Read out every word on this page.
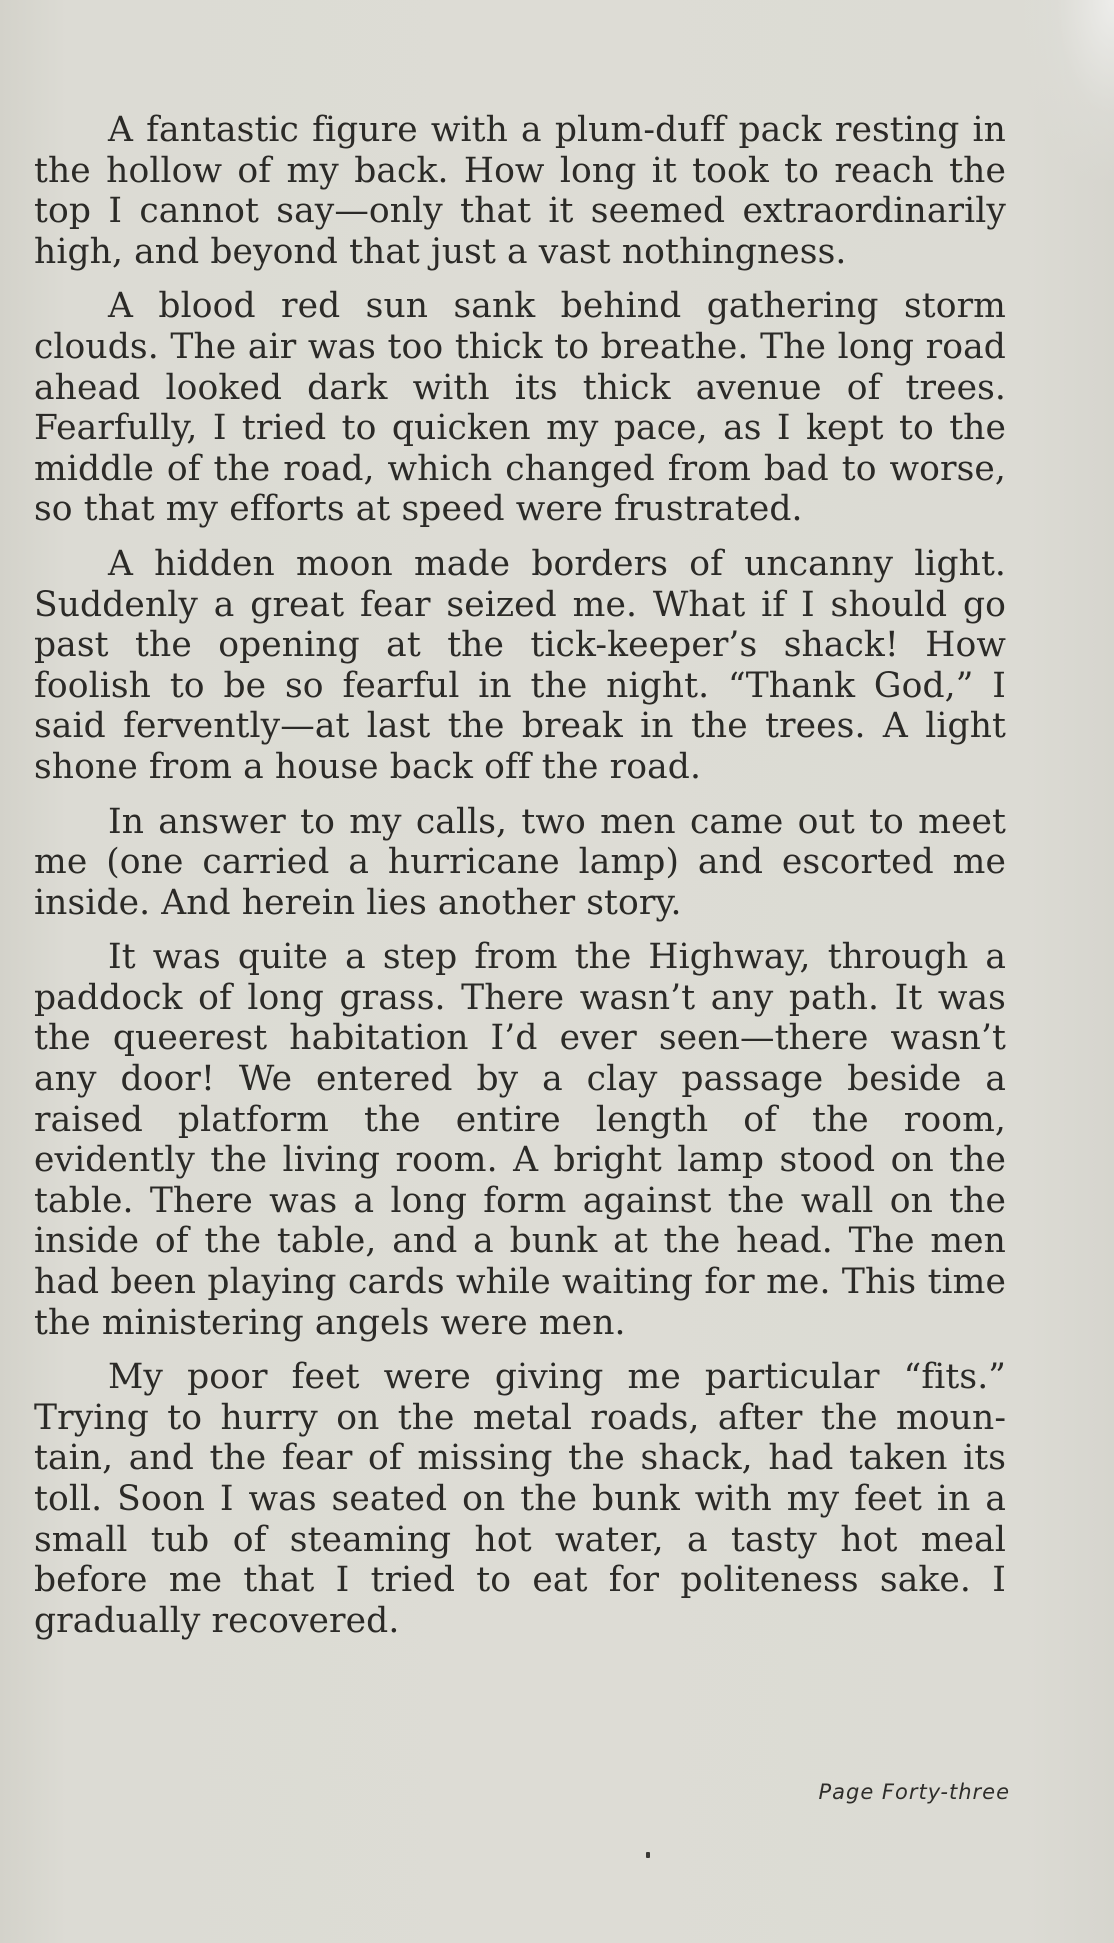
A fantastic figure with a plum-duff pack resting in the hollow of my back. How long it took to reach the top I cannot say—only that it seemed extraordinarily high, and beyond that just a vast nothingness.

A blood red sun sank behind gathering storm clouds. The air was too thick to breathe. The long road ahead looked dark with its thick avenue of trees. Fearfully, I tried to quicken my pace, as I kept to the middle of the road, which changed from bad to worse, so that my efforts at speed were frustrated.

A hidden moon made borders of uncanny light. Suddenly a great fear seized me. What if I should go past the opening at the tick-keeper’s shack! How foolish to be so fearful in the night. “Thank God,” I said fervently—at last the break in the trees. A light shone from a house back off the road.

In answer to my calls, two men came out to meet me (one carried a hurricane lamp) and escorted me inside. And herein lies another story.

It was quite a step from the Highway, through a paddock of long grass. There wasn’t any path. It was the queerest habitation I’d ever seen—there wasn’t any door! We entered by a clay passage beside a raised platform the entire length of the room, evidently the living room. A bright lamp stood on the table. There was a long form against the wall on the inside of the table, and a bunk at the head. The men had been playing cards while waiting for me. This time the ministering angels were men.

My poor feet were giving me particular “fits.” Trying to hurry on the metal roads, after the mountain, and the fear of missing the shack, had taken its toll. Soon I was seated on the bunk with my feet in a small tub of steaming hot water, a tasty hot meal before me that I tried to eat for politeness sake. I gradually recovered.

Page Forty-three
